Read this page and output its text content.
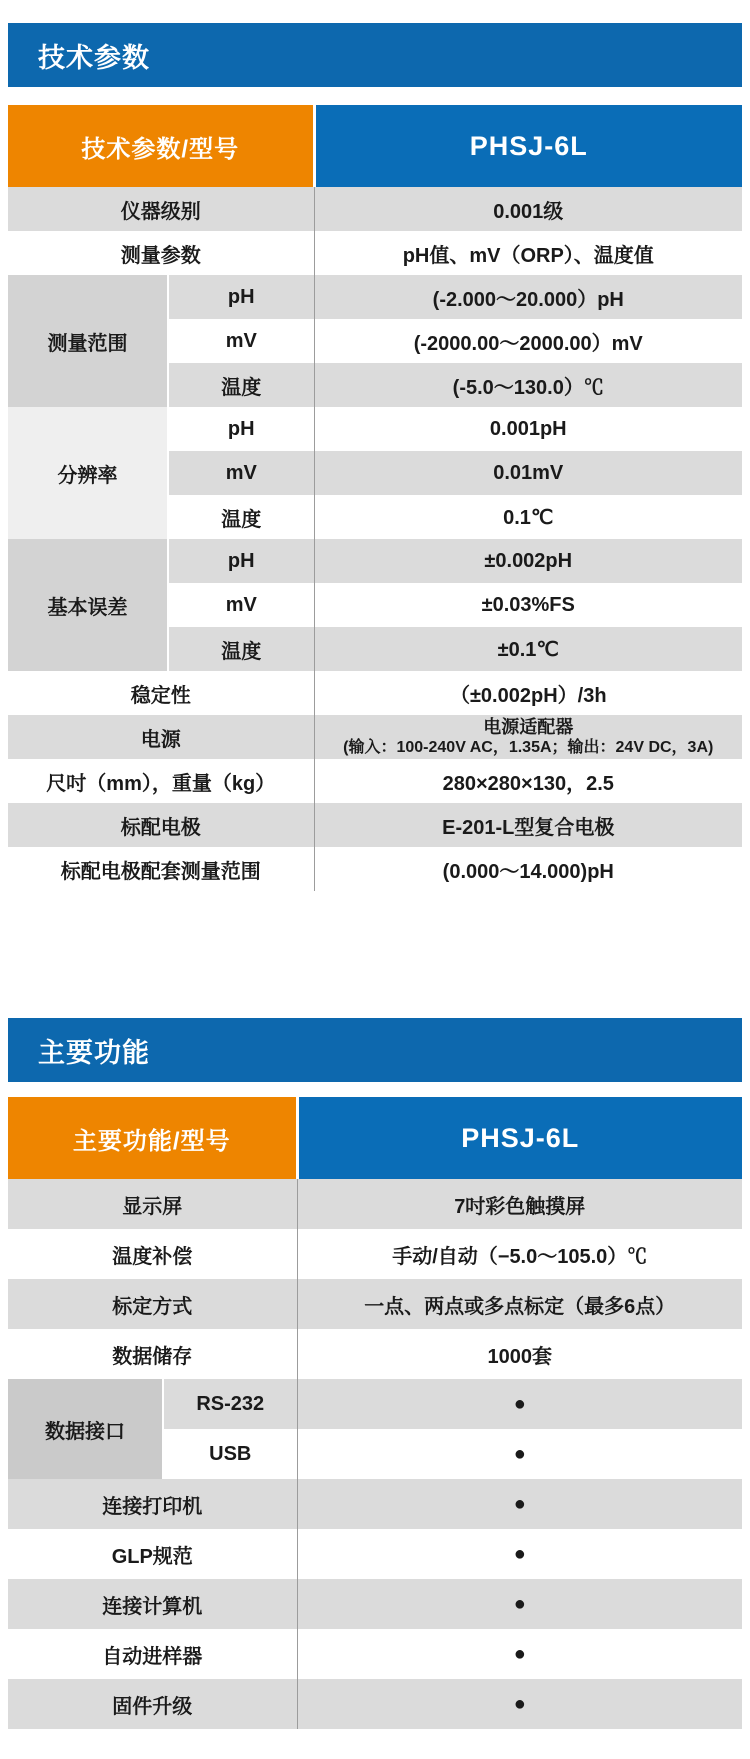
技术参数
技术参数/型号		PHSJ-6L
仪器级别		0.001级
测量参数		pH值、mV（ORP）、温度值
测量范围	pH	(-2.000～20.000）pH
	mV	(-2000.00～2000.00）mV
	温度	(-5.0～130.0）℃
分辨率	pH	0.001pH
	mV	0.01mV
	温度	0.1℃
基本误差	pH	±0.002pH
	mV	±0.03%FS
	温度	±0.1℃
稳定性		（±0.002pH）/3h
电源		电源适配器
(输入：100-240V AC，1.35A；输出：24V DC，3A)

尺吋（mm），重量（kg）		280×280×130，2.5
标配电极		E-201-L型复合电极
标配电极配套测量范围		(0.000～14.000)pH
主要功能
主要功能/型号		PHSJ-6L
显示屏		7吋彩色触摸屏
温度补偿		手动/自动（−5.0～105.0）℃
标定方式		一点、两点或多点标定（最多6点）
数据储存		1000套
数据接口	RS-232	●
	USB	●
连接打印机		●
GLP规范		●
连接计算机		●
自动进样器		●
固件升级		●
